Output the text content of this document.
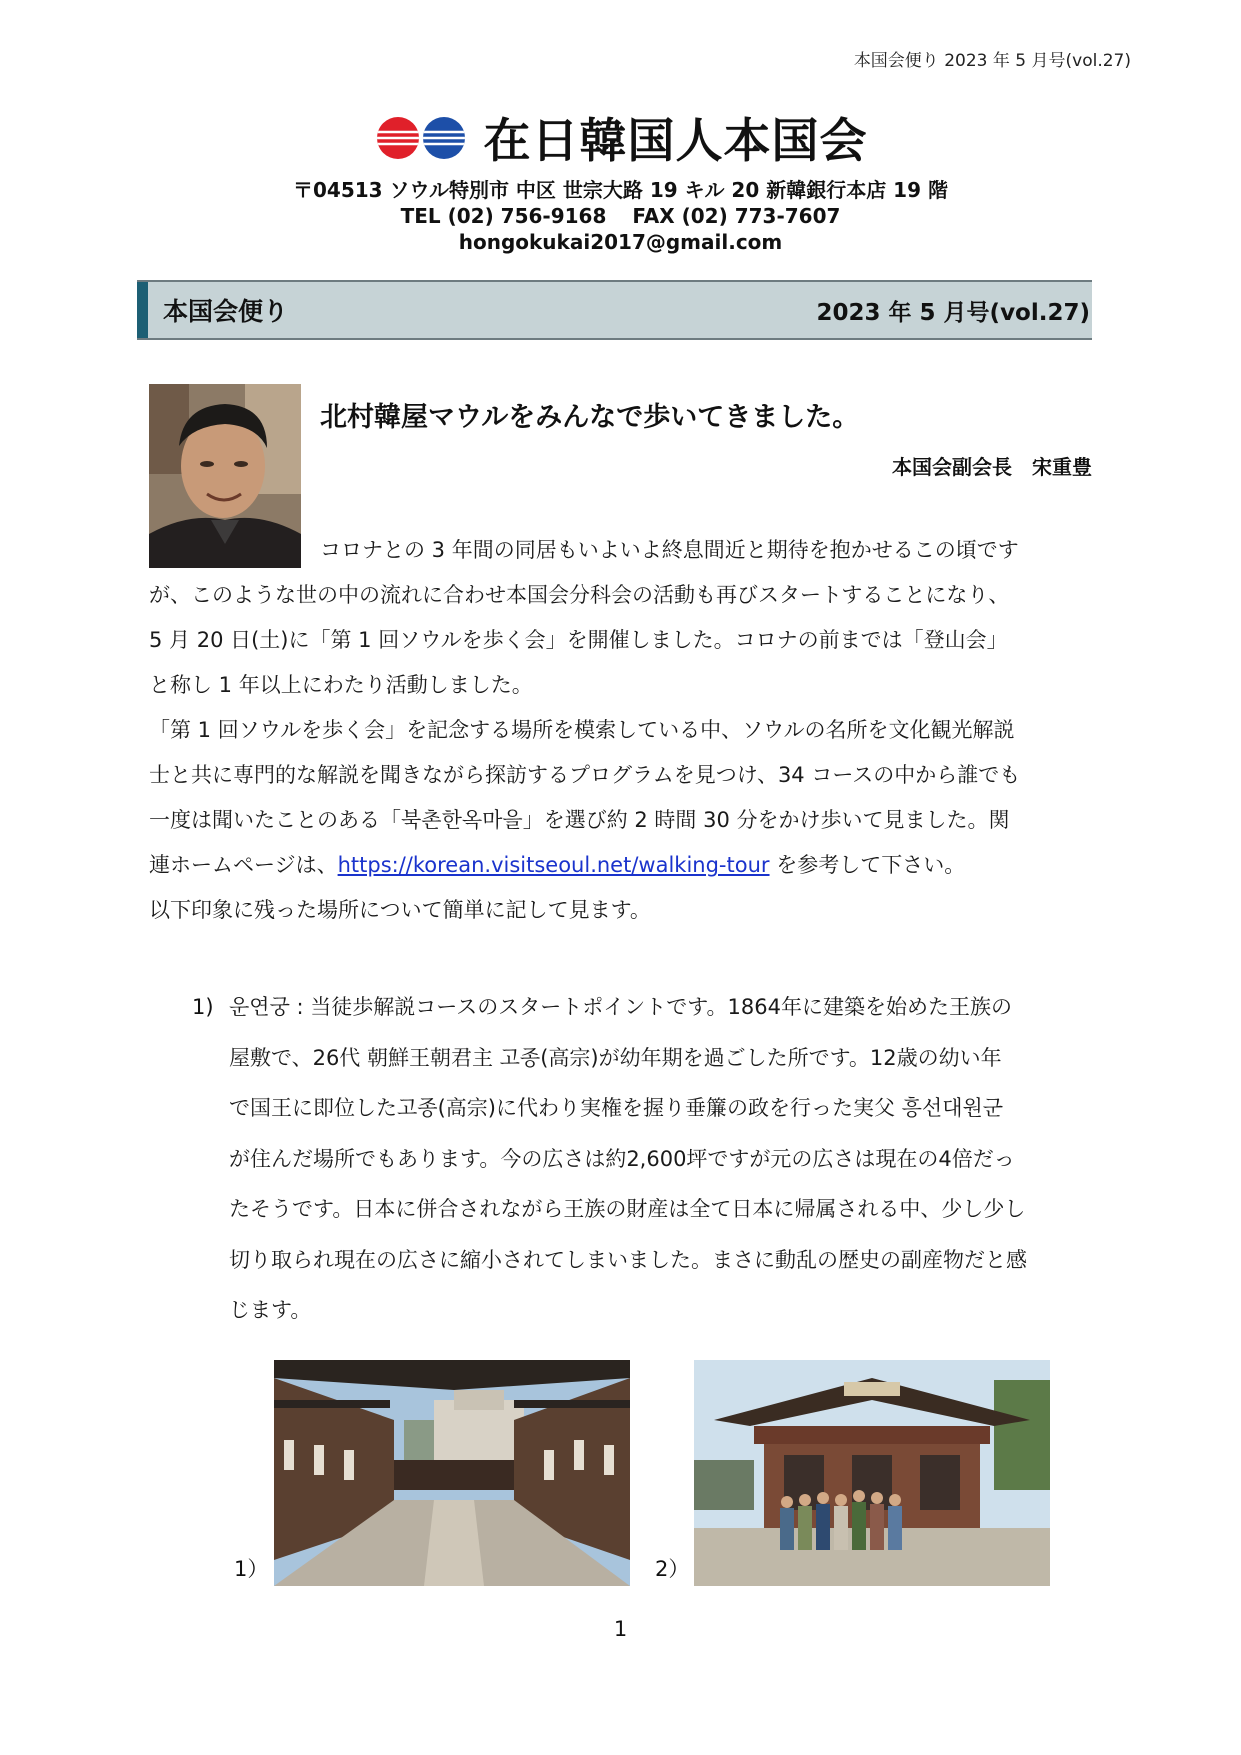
本国会便り 2023 年 5 月号(vol.27)
在日韓国人本国会
〒04513 ソウル特別市 中区 世宗大路 19 キル 20 新韓銀行本店 19 階
TEL (02) 756-9168 FAX (02) 773-7607
hongokukai2017@gmail.com
本国会便り	2023 年 5 月号(vol.27)
北村韓屋マウルをみんなで歩いてきました。
本国会副会長　宋重豊
コロナとの 3 年間の同居もいよいよ終息間近と期待を抱かせるこの頃です
が、このような世の中の流れに合わせ本国会分科会の活動も再びスタートすることになり、
5 月 20 日(土)に「第 1 回ソウルを歩く会」を開催しました。コロナの前までは「登山会」
と称し 1 年以上にわたり活動しました。
「第 1 回ソウルを歩く会」を記念する場所を模索している中、ソウルの名所を文化観光解説
士と共に専門的な解説を聞きながら探訪するプログラムを見つけ、34 コースの中から誰でも
一度は聞いたことのある「북촌한옥마을」を選び約 2 時間 30 分をかけ歩いて見ました。関
連ホームページは、https://korean.visitseoul.net/walking-tour を参考して下さい。
以下印象に残った場所について簡単に記して見ます。
1) 운연궁 : 当徒歩解説コースのスタートポイントです。1864年に建築を始めた王族の
屋敷で、26代 朝鮮王朝君主 고종(高宗)が幼年期を過ごした所です。12歳の幼い年
で国王に即位した고종(高宗)に代わり実権を握り垂簾の政を行った実父 흥선대원군
が住んだ場所でもあります。今の広さは約2,600坪ですが元の広さは現在の4倍だっ
たそうです。日本に併合されながら王族の財産は全て日本に帰属される中、少し少し
切り取られ現在の広さに縮小されてしまいました。まさに動乱の歴史の副産物だと感
じます。
1）	2）
1
